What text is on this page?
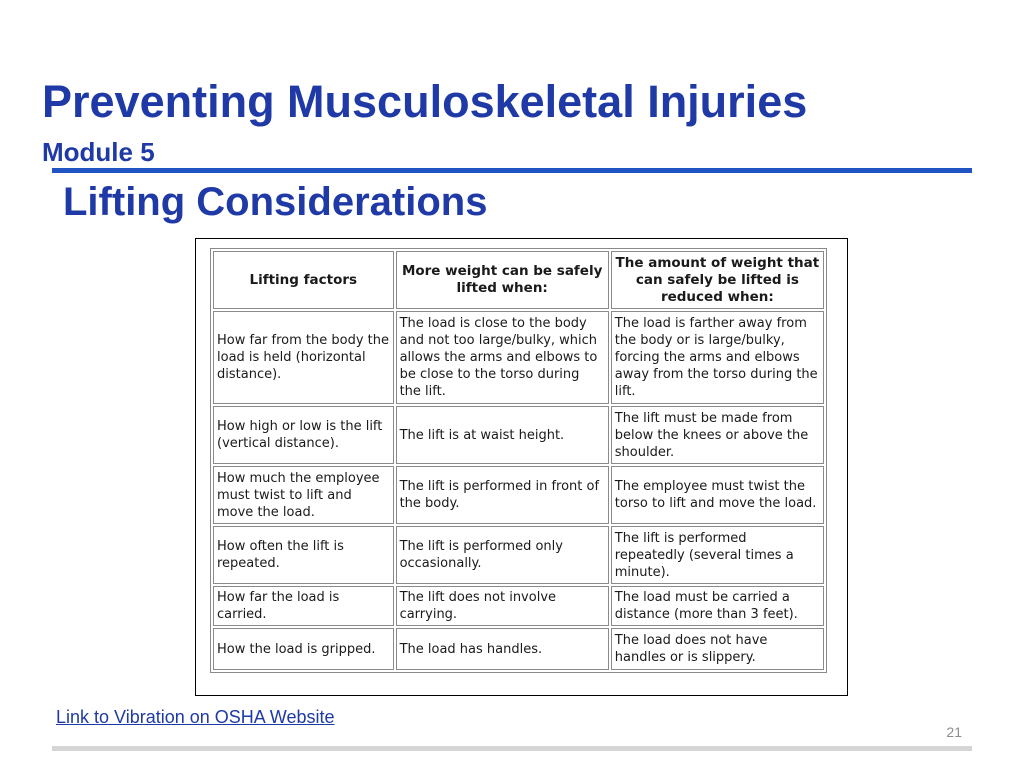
Preventing Musculoskeletal Injuries
Module 5
Lifting Considerations
Lifting factors	More weight can be safely lifted when:	The amount of weight that can safely be lifted is reduced when:
How far from the body the load is held (horizontal distance).	The load is close to the body and not too large/bulky, which allows the arms and elbows to be close to the torso during the lift.	The load is farther away from the body or is large/bulky, forcing the arms and elbows away from the torso during the lift.
How high or low is the lift (vertical distance).	The lift is at waist height.	The lift must be made from below the knees or above the shoulder.
How much the employee must twist to lift and move the load.	The lift is performed in front of the body.	The employee must twist the torso to lift and move the load.
How often the lift is repeated.	The lift is performed only occasionally.	The lift is performed repeatedly (several times a minute).
How far the load is carried.	The lift does not involve carrying.	The load must be carried a distance (more than 3 feet).
How the load is gripped.	The load has handles.	The load does not have handles or is slippery.
Link to Vibration on OSHA Website
21
